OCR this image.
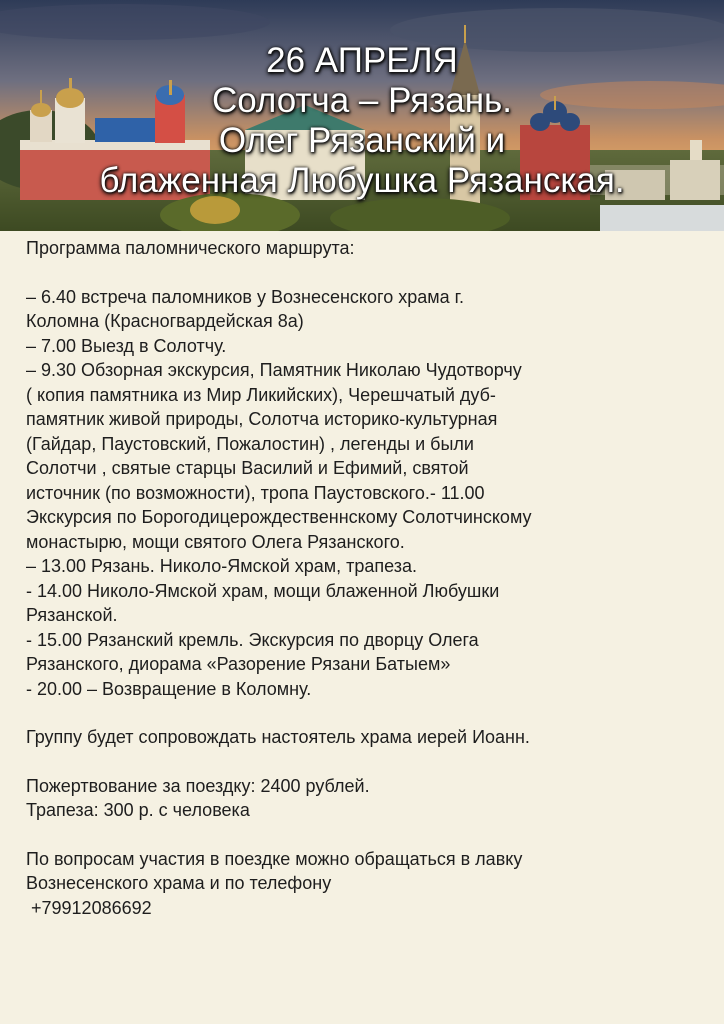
26 АПРЕЛЯ
Солотча – Рязань.
Олег Рязанский и
блаженная Любушка Рязанская.

Программа паломнического маршрута:

– 6.40 встреча паломников у Вознесенского храма г.

Коломна (Красногвардейская 8а)

– 7.00 Выезд в Солотчу.

– 9.30 Обзорная экскурсия, Памятник Николаю Чудотворчу

( копия памятника из Мир Ликийских), Черешчатый дуб-

памятник живой природы, Солотча историко-культурная

(Гайдар, Паустовский, Пожалостин) , легенды и были

Солотчи , святые старцы Василий и Ефимий, святой

источник (по возможности), тропа Паустовского.- 11.00

Экскурсия по Борогодицерождественнскому Солотчинскому

монастырю, мощи святого Олега Рязанского.

– 13.00 Рязань. Николо-Ямской храм, трапеза.

- 14.00 Николо-Ямской храм, мощи блаженной Любушки

Рязанской.

- 15.00 Рязанский кремль. Экскурсия по дворцу Олега

Рязанского, диорама «Разорение Рязани Батыем»

- 20.00 – Возвращение в Коломну.

Группу будет сопровождать настоятель храма иерей Иоанн.

Пожертвование за поездку: 2400 рублей.

Трапеза: 300 р. с человека

По вопросам участия в поездке можно обращаться в лавку

Вознесенского храма и по телефону

+79912086692
